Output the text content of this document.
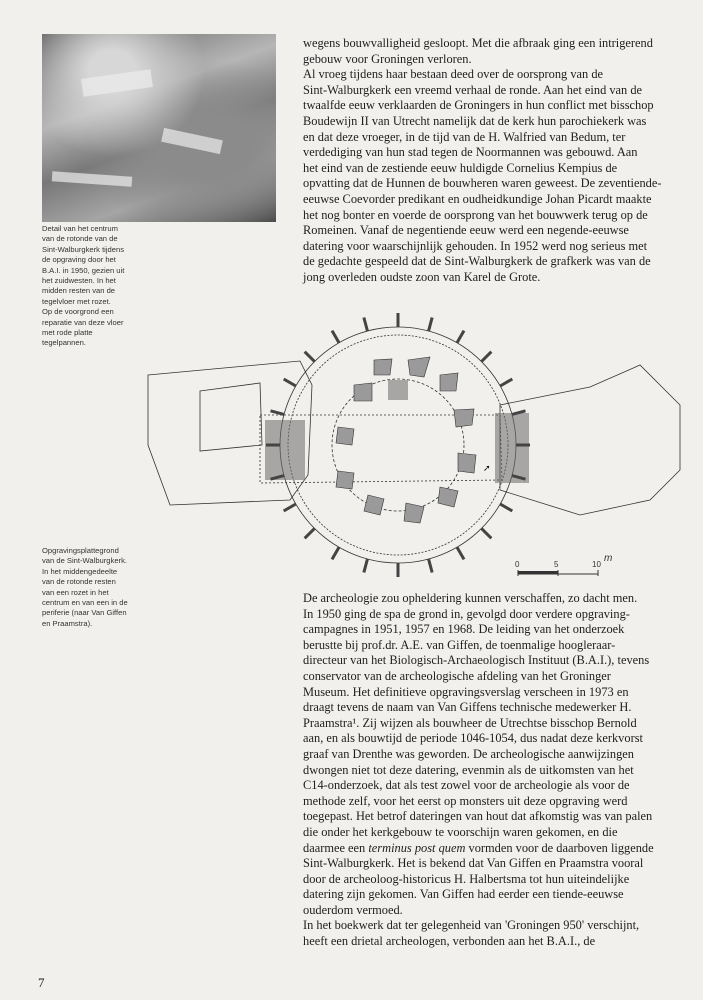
Detail van het centrum
van de rotonde van de
Sint-Walburgkerk tijdens
de opgraving door het
B.A.I. in 1950, gezien uit
het zuidwesten. In het
midden resten van de
tegelvloer met rozet.
Op de voorgrond een
reparatie van deze vloer
met rode platte
tegelpannen.
Opgravingsplattegrond
van de Sint-Walburgkerk.
In het middengedeelte
van de rotonde resten
van een rozet in het
centrum en van een in de
periferie (naar Van Giffen
en Praamstra).
wegens bouwvalligheid gesloopt. Met die afbraak ging een intrigerend
gebouw voor Groningen verloren.
Al vroeg tijdens haar bestaan deed over de oorsprong van de
Sint-Walburgkerk een vreemd verhaal de ronde. Aan het eind van de
twaalfde eeuw verklaarden de Groningers in hun conflict met bisschop
Boudewijn II van Utrecht namelijk dat de kerk hun parochiekerk was
en dat deze vroeger, in de tijd van de H. Walfried van Bedum, ter
verdediging van hun stad tegen de Noormannen was gebouwd. Aan
het eind van de zestiende eeuw huldigde Cornelius Kempius de
opvatting dat de Hunnen de bouwheren waren geweest. De zeventiende-
eeuwse Coevorder predikant en oudheidkundige Johan Picardt maakte
het nog bonter en voerde de oorsprong van het bouwwerk terug op de
Romeinen. Vanaf de negentiende eeuw werd een negende-eeuwse
datering voor waarschijnlijk gehouden. In 1952 werd nog serieus met
de gedachte gespeeld dat de Sint-Walburgkerk de grafkerk was van de
jong overleden oudste zoon van Karel de Grote.
➚
0	5	10
m
De archeologie zou opheldering kunnen verschaffen, zo dacht men.
In 1950 ging de spa de grond in, gevolgd door verdere opgraving-
campagnes in 1951, 1957 en 1968. De leiding van het onderzoek
berustte bij prof.dr. A.E. van Giffen, de toenmalige hoogleraar-
directeur van het Biologisch-Archaeologisch Instituut (B.A.I.), tevens
conservator van de archeologische afdeling van het Groninger
Museum. Het definitieve opgravingsverslag verscheen in 1973 en
draagt tevens de naam van Van Giffens technische medewerker H.
Praamstra¹. Zij wijzen als bouwheer de Utrechtse bisschop Bernold
aan, en als bouwtijd de periode 1046-1054, dus nadat deze kerkvorst
graaf van Drenthe was geworden. De archeologische aanwijzingen
dwongen niet tot deze datering, evenmin als de uitkomsten van het
C14-onderzoek, dat als test zowel voor de archeologie als voor de
methode zelf, voor het eerst op monsters uit deze opgraving werd
toegepast. Het betrof dateringen van hout dat afkomstig was van palen
die onder het kerkgebouw te voorschijn waren gekomen, en die
daarmee een terminus post quem vormden voor de daarboven liggende
Sint-Walburgkerk. Het is bekend dat Van Giffen en Praamstra vooral
door de archeoloog-historicus H. Halbertsma tot hun uiteindelijke
datering zijn gekomen. Van Giffen had eerder een tiende-eeuwse
ouderdom vermoed.
In het boekwerk dat ter gelegenheid van 'Groningen 950' verschijnt,
heeft een drietal archeologen, verbonden aan het B.A.I., de
7
